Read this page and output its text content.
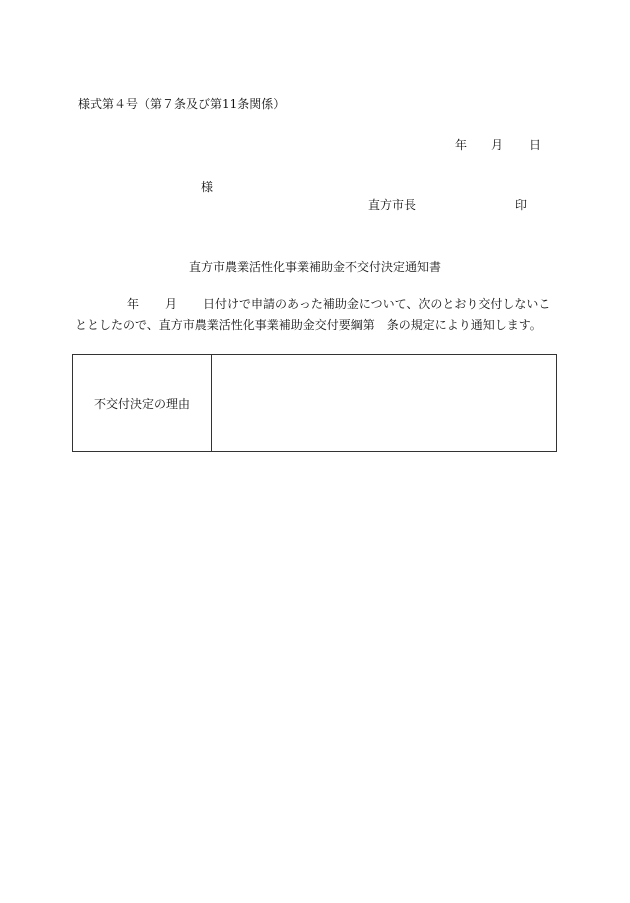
様式第４号（第７条及び第11条関係）
年 月 日
様
直方市長	印
直方市農業活性化事業補助金不交付決定通知書
年 月 日付けで申請のあった補助金について、次のとおり交付しないこ
ととしたので、直方市農業活性化事業補助金交付要綱第　条の規定により通知します。
不交付決定の理由	
